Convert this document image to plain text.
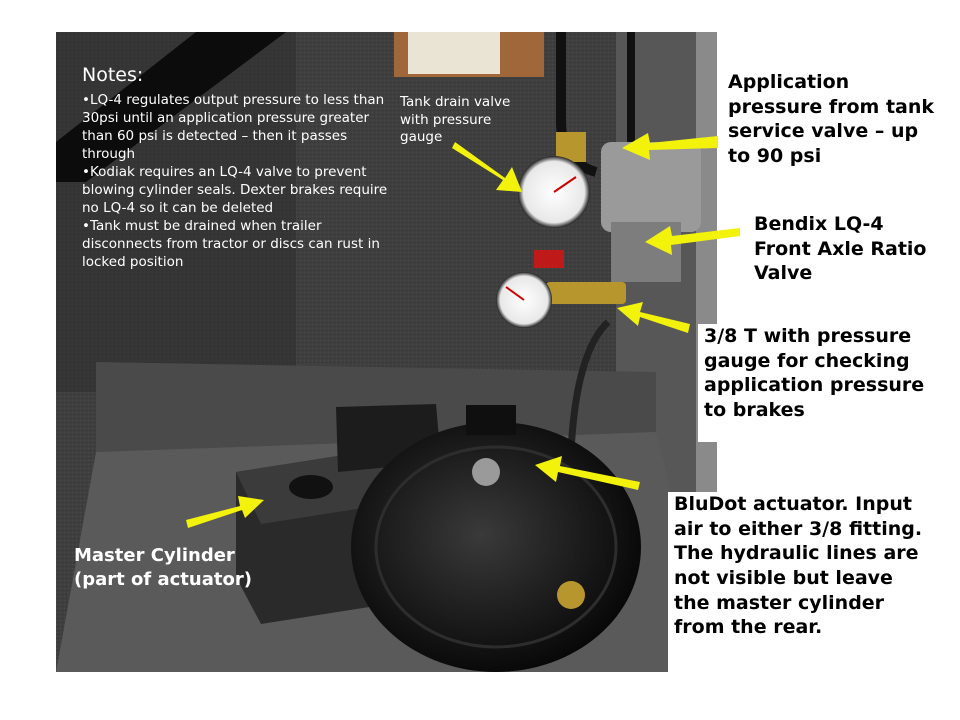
Notes:

• LQ-4 regulates output pressure to less than 30psi until an application pressure greater than 60 psi is detected – then it passes through

• Kodiak requires an LQ-4 valve to prevent blowing cylinder seals. Dexter brakes require no LQ-4 so it can be deleted

• Tank must be drained when trailer disconnects from tractor or discs can rust in locked position

Tank drain valve with pressure gauge
Master Cylinder (part of actuator)
Application pressure from tank service valve – up to 90 psi
Bendix LQ-4 Front Axle Ratio Valve
3/8 T with pressure gauge for checking application pressure to brakes
BluDot actuator. Input air to either 3/8 fitting. The hydraulic lines are not visible but leave the master cylinder from the rear.
